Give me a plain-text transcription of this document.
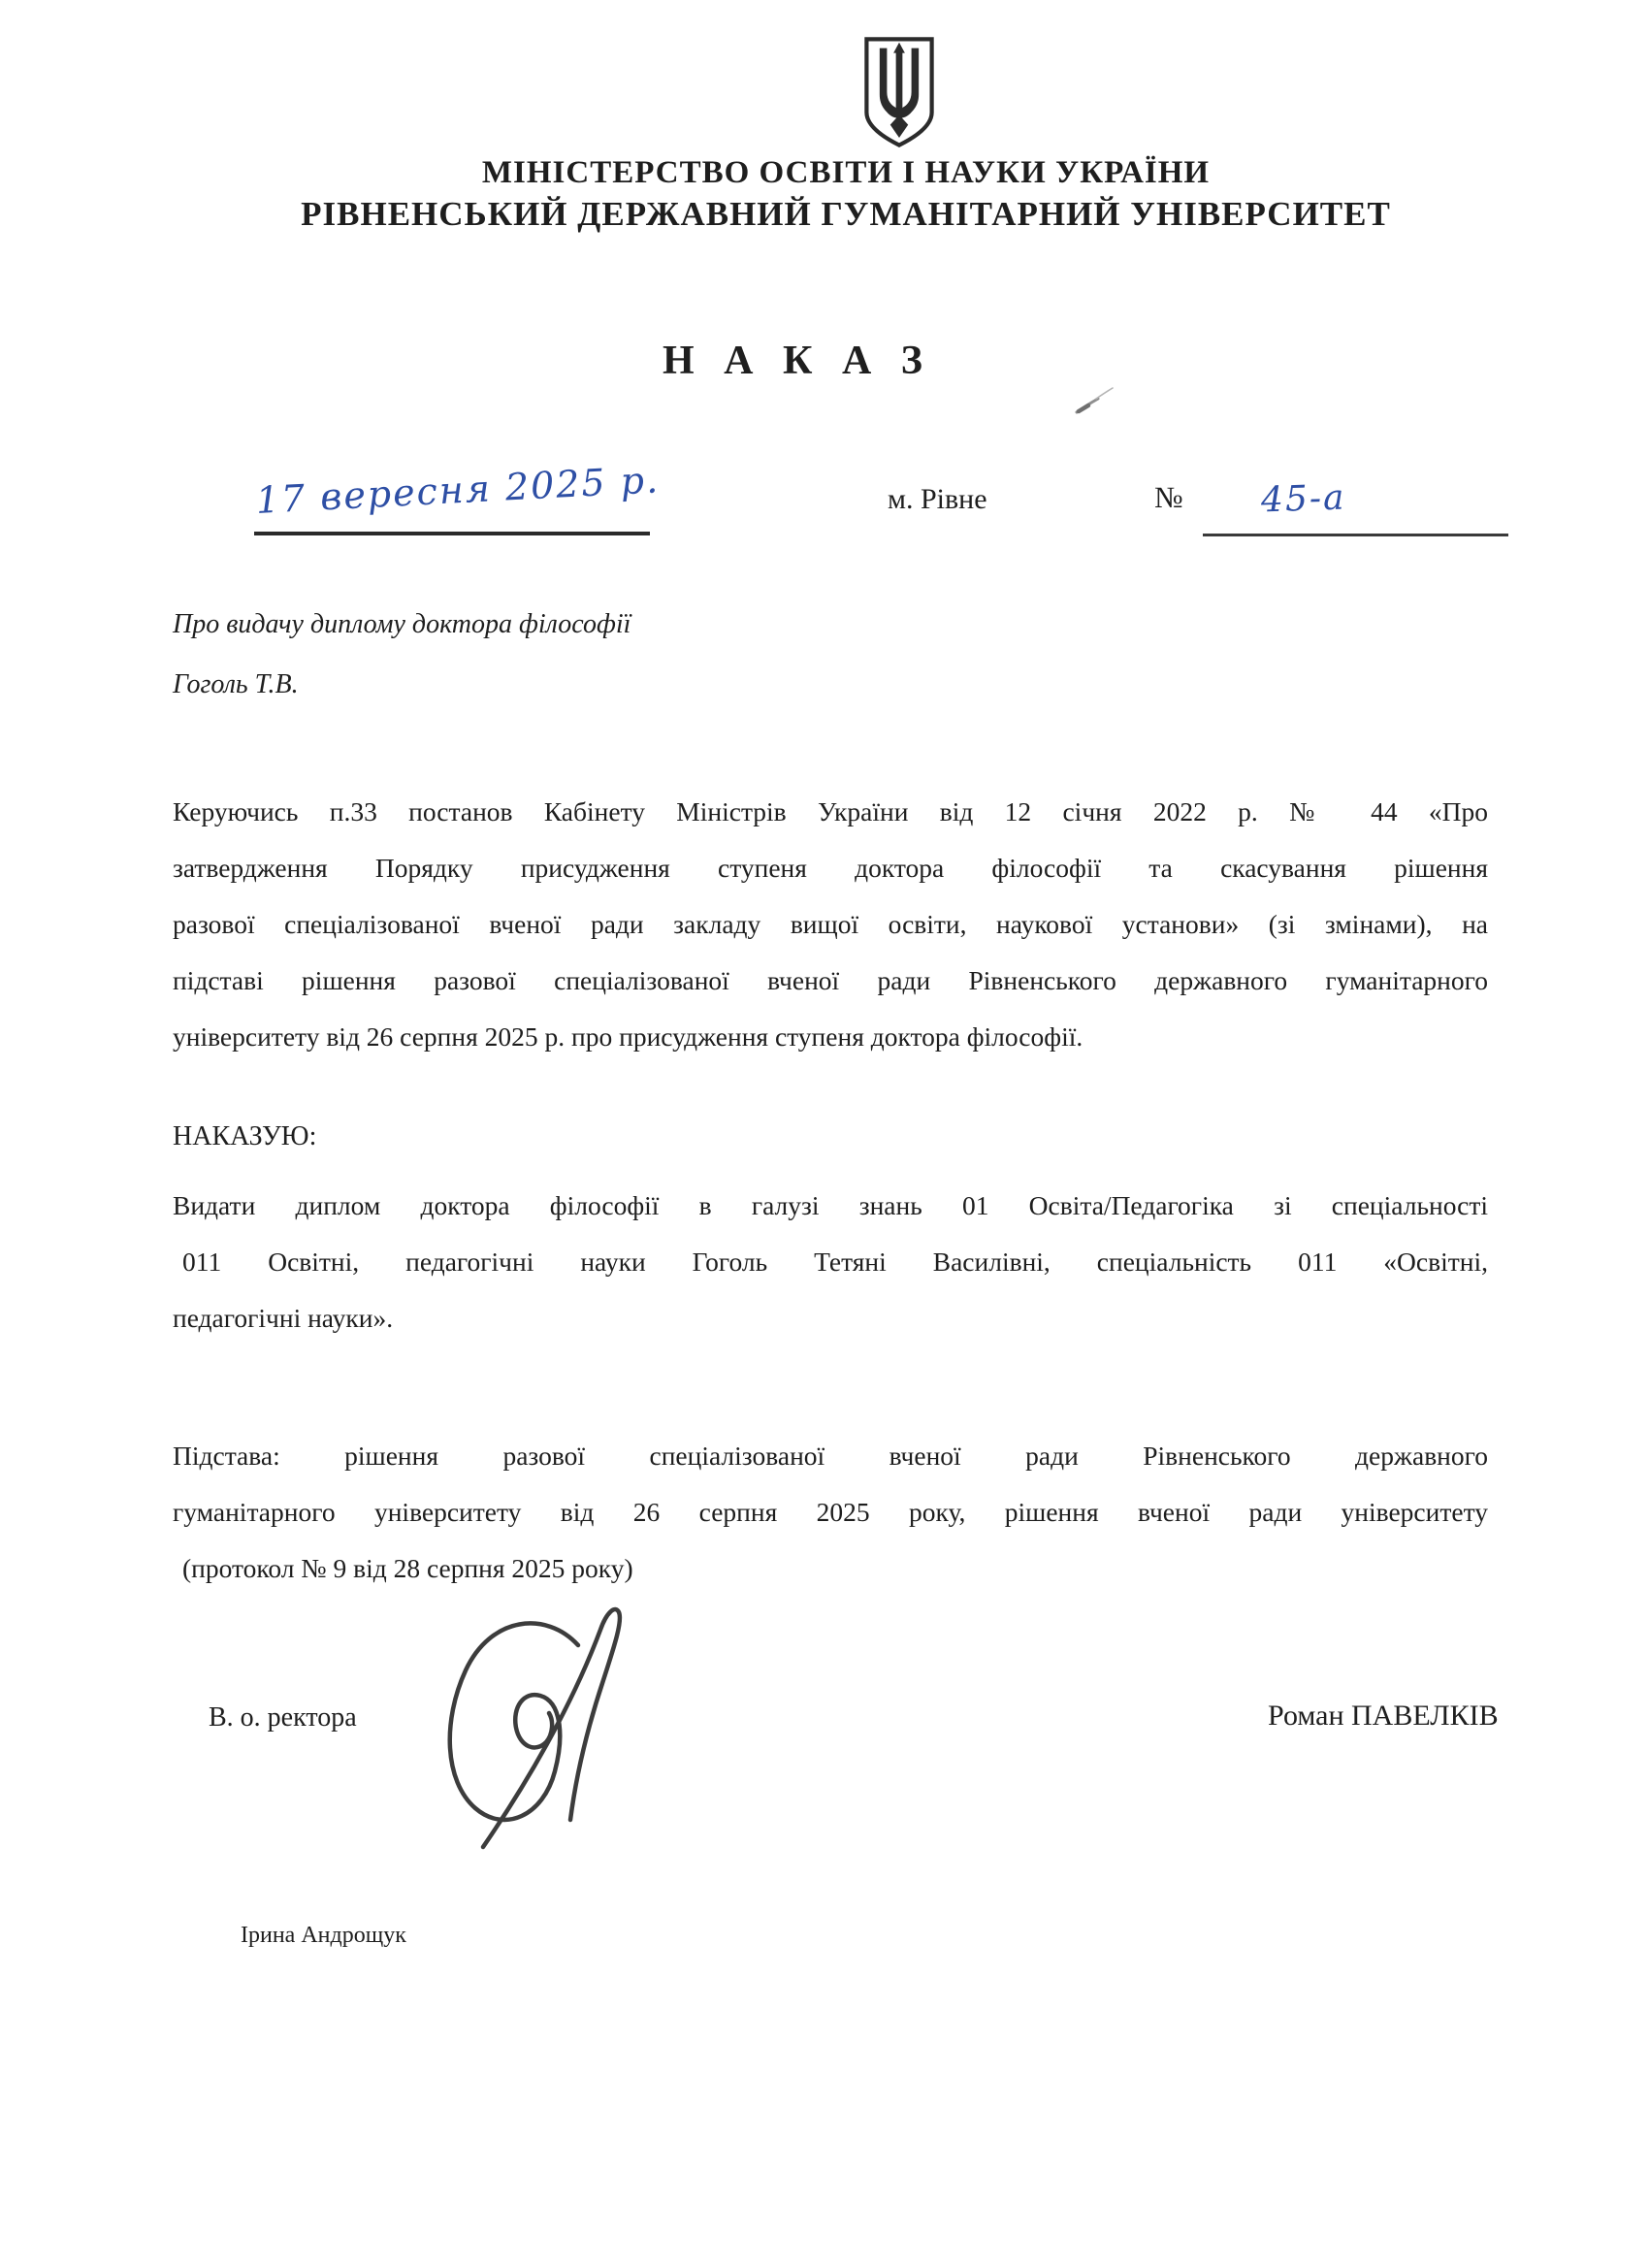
МІНІСТЕРСТВО ОСВІТИ І НАУКИ УКРАЇНИ
РІВНЕНСЬКИЙ ДЕРЖАВНИЙ ГУМАНІТАРНИЙ УНІВЕРСИТЕТ
Н А К А З
17 вересня 2025 р.	м. Рівне	№ 45-а
Про видачу диплому доктора філософії
Гоголь Т.В.
Керуючись п.33 постанов Кабінету Міністрів України від 12 січня 2022 р. № 44 «Про
затвердження Порядку присудження ступеня доктора філософії та скасування рішення
разової спеціалізованої вченої ради закладу вищої освіти, наукової установи» (зі змінами), на
підставі рішення разової спеціалізованої вченої ради Рівненського державного гуманітарного
університету від 26 серпня 2025 р. про присудження ступеня доктора філософії.
НАКАЗУЮ:
Видати диплом доктора філософії в галузі знань 01 Освіта/Педагогіка зі спеціальності
011 Освітні, педагогічні науки Гоголь Тетяні Василівні, спеціальність 011 «Освітні,
педагогічні науки».
Підстава: рішення разової спеціалізованої вченої ради Рівненського державного
гуманітарного університету від 26 серпня 2025 року, рішення вченої ради університету
(протокол № 9 від 28 серпня 2025 року)
В. о. ректора	Роман ПАВЕЛКІВ
Ірина Андрощук
